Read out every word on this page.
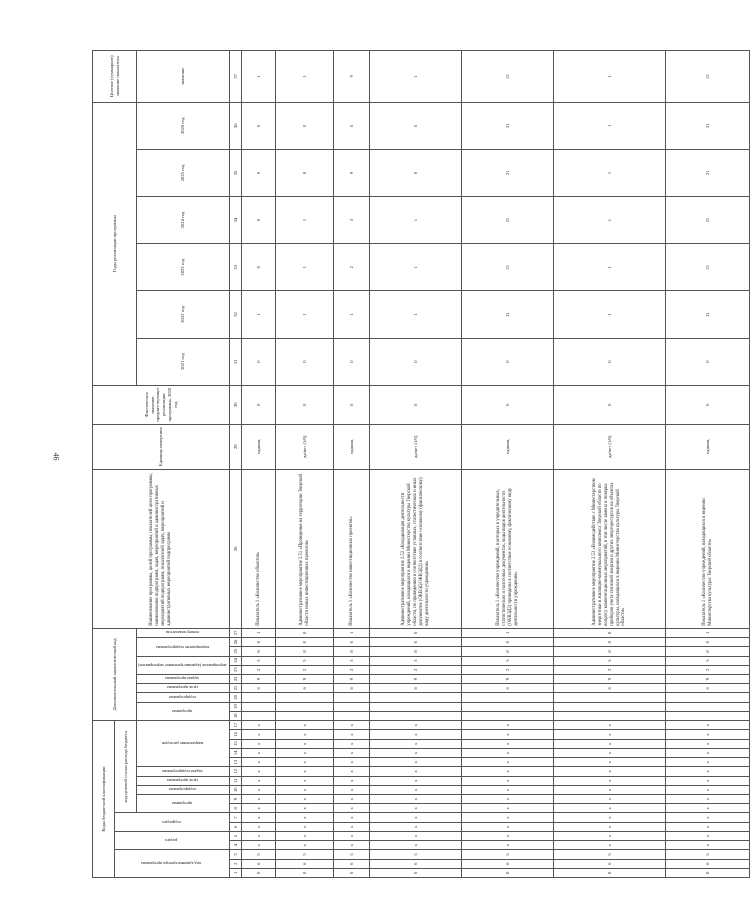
46
Коды бюджетной классификации																	Дополнительный аналитический код										Наименование программы, целей программы, показателей цели программы, наименование подпрограмм, задач, мероприятий и административных мероприятий подпрограмм, показателей задач, мероприятий и административных мероприятий подпрограмм	Единица измерения	Фактическое значение, предшествующее реализации программы, 2020 год	Годы реализации программы						Целевое (суммарное) значение показателя
код администратора программы			раздел		подраздел		код целевой статьи расхода бюджета																													
							программа		подпрограмма	цель программы	задача подпрограммы	направление расходов					программа		подпрограмма	цель программы	задача программы	мероприятие (административное мероприятие)		мероприятие подпрограммы		номер показателя				2021 год	2022 год	2023 год	2024 год	2025 год	2026 год	значение
1	2	3	4	5	6	7	8	9	10	11	12	13	14	15	16	17	18	19	20	21	22	23	24	25	26	27	28	29	30	31	32	33	34	35	36	37
0	6	5	х	х	х	х	х	х	х	х	х	х	х	х	х	х				6	9	2	5	8	0	1	Показатель 1 «Количество объектов»	единиц	0	0	1	0	0	0	0	1
0	6	5	х	х	х	х	х	х	х	х	х	х	х	х	х	х				6	9	2	5	8	0	0	Административное мероприятие 2.51 «Проведение на территории Тверской области новых инвестиционных проектов»	да/нет (1/0)	0	0	1	1	1	0	0	1
0	6	5	х	х	х	х	х	х	х	х	х	х	х	х	х	х				6	9	2	5	8	0	1	Показатель 1 «Количество инвестиционных проектов»	единиц	0	0	1	2	3	9	0	9
0	6	5	х	х	х	х	х	х	х	х	х	х	х	х	х	х				6	9	2	5	8	0	0	Административное мероприятие 2.52 «Координация деятельности учреждений, находящихся в ведении Министерства культуры Тверской области, по приведению в соответствие уставных, статистических и иных документов (ОКВЭД/ОКВЭД2) в соответствие основному (фактическому) виду деятельности учреждения»	да/нет (1/0)	0	0	1	1	1	0	0	1
0	6	5	х	х	х	х	х	х	х	х	х	х	х	х	х	х				6	9	2	5	8	0	1	Показатель 1 «Количество учреждений, в которых в учредительных, статистических и налоговых документах, коды видов деятельности (ОКВЭД2) приведены в соответствие основному, фактическому виду деятельности учреждения»	единиц	0	0	21	21	21	21	21	21
0	6	5	х	х	х	х	х	х	х	х	х	х	х	х	х	х				6	9	2	5	8	0	0	Административное мероприятие 2.53 «Взаимодействие с Министерством энергетики и жилищно-коммунального комплекса Тверской области по вопросу компенсационных мероприятий, в том числе замена и поверка приборов учета тепловой энергии и других энергоресурсов на объектах культуры, находящихся в ведении Министерства культуры Тверской области»	да/нет (1/0)	0	0	1	1	1	1	1	1
0	6	5	х	х	х	х	х	х	х	х	х	х	х	х	х	х				6	9	2	5	8	0	1	Показатель 1 «Количество учреждений, находящихся в ведении Министерства культуры Тверской области»	единиц	0	0	21	21	21	21	21	21
